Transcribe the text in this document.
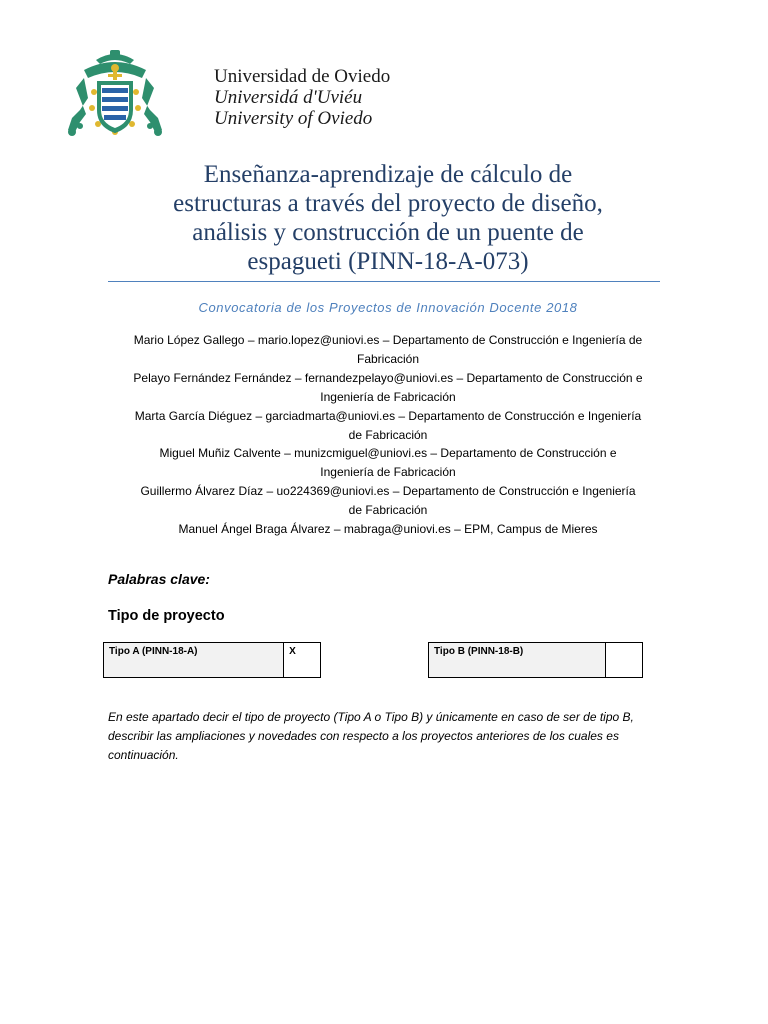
Universidad de Oviedo
Universidá d'Uviéu
University of Oviedo
Enseñanza-aprendizaje de cálculo de
estructuras a través del proyecto de diseño,
análisis y construcción de un puente de
espagueti (PINN-18-A-073)
Convocatoria de los Proyectos de Innovación Docente 2018
Mario López Gallego – mario.lopez@uniovi.es – Departamento de Construcción e Ingeniería de
Fabricación
Pelayo Fernández Fernández – fernandezpelayo@uniovi.es – Departamento de Construcción e
Ingeniería de Fabricación
Marta García Diéguez – garciadmarta@uniovi.es – Departamento de Construcción e Ingeniería
de Fabricación
Miguel Muñiz Calvente – munizcmiguel@uniovi.es – Departamento de Construcción e
Ingeniería de Fabricación
Guillermo Álvarez Díaz – uo224369@uniovi.es – Departamento de Construcción e Ingeniería
de Fabricación
Manuel Ángel Braga Álvarez – mabraga@uniovi.es – EPM, Campus de Mieres
Palabras clave:
Tipo de proyecto
Tipo A (PINN-18-A)	X	Tipo B (PINN-18-B)
En este apartado decir el tipo de proyecto (Tipo A o Tipo B) y únicamente en caso de ser de tipo B, describir las ampliaciones y novedades con respecto a los proyectos anteriores de los cuales es continuación.
